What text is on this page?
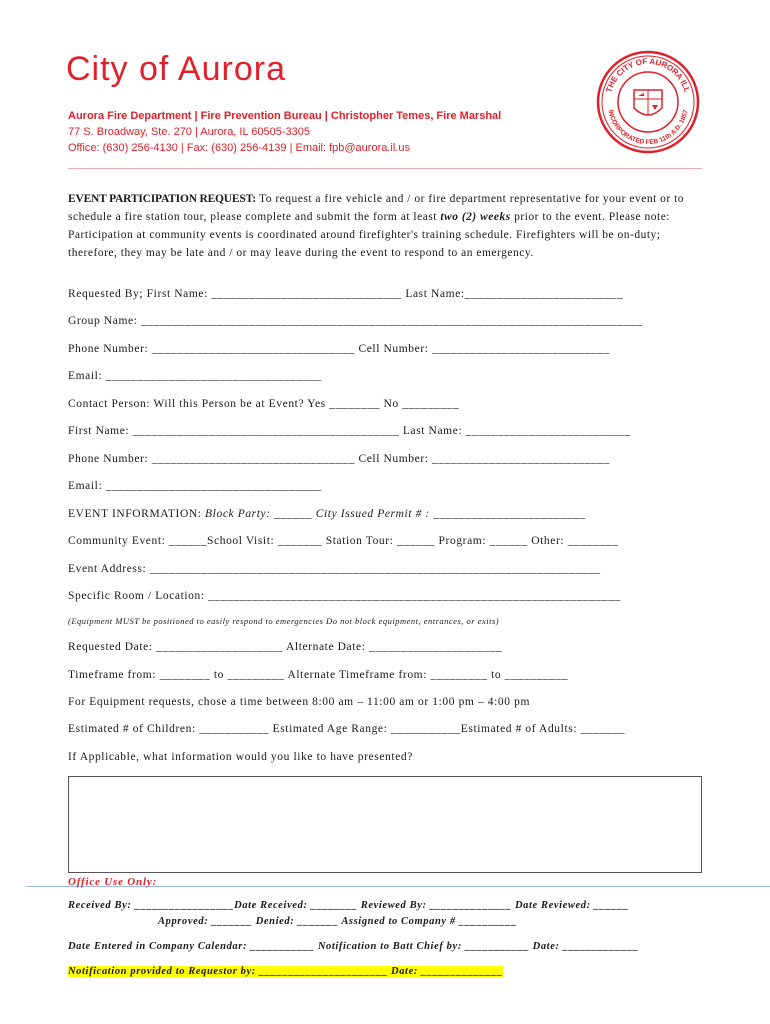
City of Aurora
Aurora Fire Department | Fire Prevention Bureau | Christopher Temes, Fire Marshal
77 S. Broadway, Ste. 270 | Aurora, IL 60505-3305
Office: (630) 256-4130 | Fax: (630) 256-4139 | Email: fpb@aurora.il.us
THE CITY OF AURORA ILL
INCORPORATED FEB 11th A.D. 1857
EVENT PARTICIPATION REQUEST: To request a fire vehicle and / or fire department representative for your event or to schedule a fire station tour, please complete and submit the form at least two (2) weeks prior to the event. Please note: Participation at community events is coordinated around firefighter's training schedule. Firefighters will be on-duty; therefore, they may be late and / or may leave during the event to respond to an emergency.
Requested By; First Name: ______________________________ Last Name:_________________________
Group Name: _______________________________________________________________________________
Phone Number: ________________________________ Cell Number: ____________________________
Email: __________________________________
Contact Person: Will this Person be at Event? Yes ________ No _________
First Name: __________________________________________ Last Name: __________________________
Phone Number: ________________________________ Cell Number: ____________________________
Email: __________________________________
EVENT INFORMATION: Block Party: ______ City Issued Permit # : ________________________
Community Event: ______School Visit: _______ Station Tour: ______ Program: ______ Other: ________
Event Address: _______________________________________________________________________
Specific Room / Location: _________________________________________________________________
(Equipment MUST be positioned to easily respond to emergencies Do not block equipment, entrances, or exits)
Requested Date: ____________________ Alternate Date: _____________________
Timeframe from: ________ to _________ Alternate Timeframe from: _________ to __________
For Equipment requests, chose a time between 8:00 am – 11:00 am or 1:00 pm – 4:00 pm
Estimated # of Children: ___________ Estimated Age Range: ___________Estimated # of Adults: _______
If Applicable, what information would you like to have presented?
Office Use Only:
Received By: _________________Date Received: ________ Reviewed By: ______________ Date Reviewed: ______
Approved: _______ Denied: _______ Assigned to Company # __________
Date Entered in Company Calendar: ___________ Notification to Batt Chief by: ___________ Date: _____________
Notification provided to Requestor by: ______________________ Date: ______________
